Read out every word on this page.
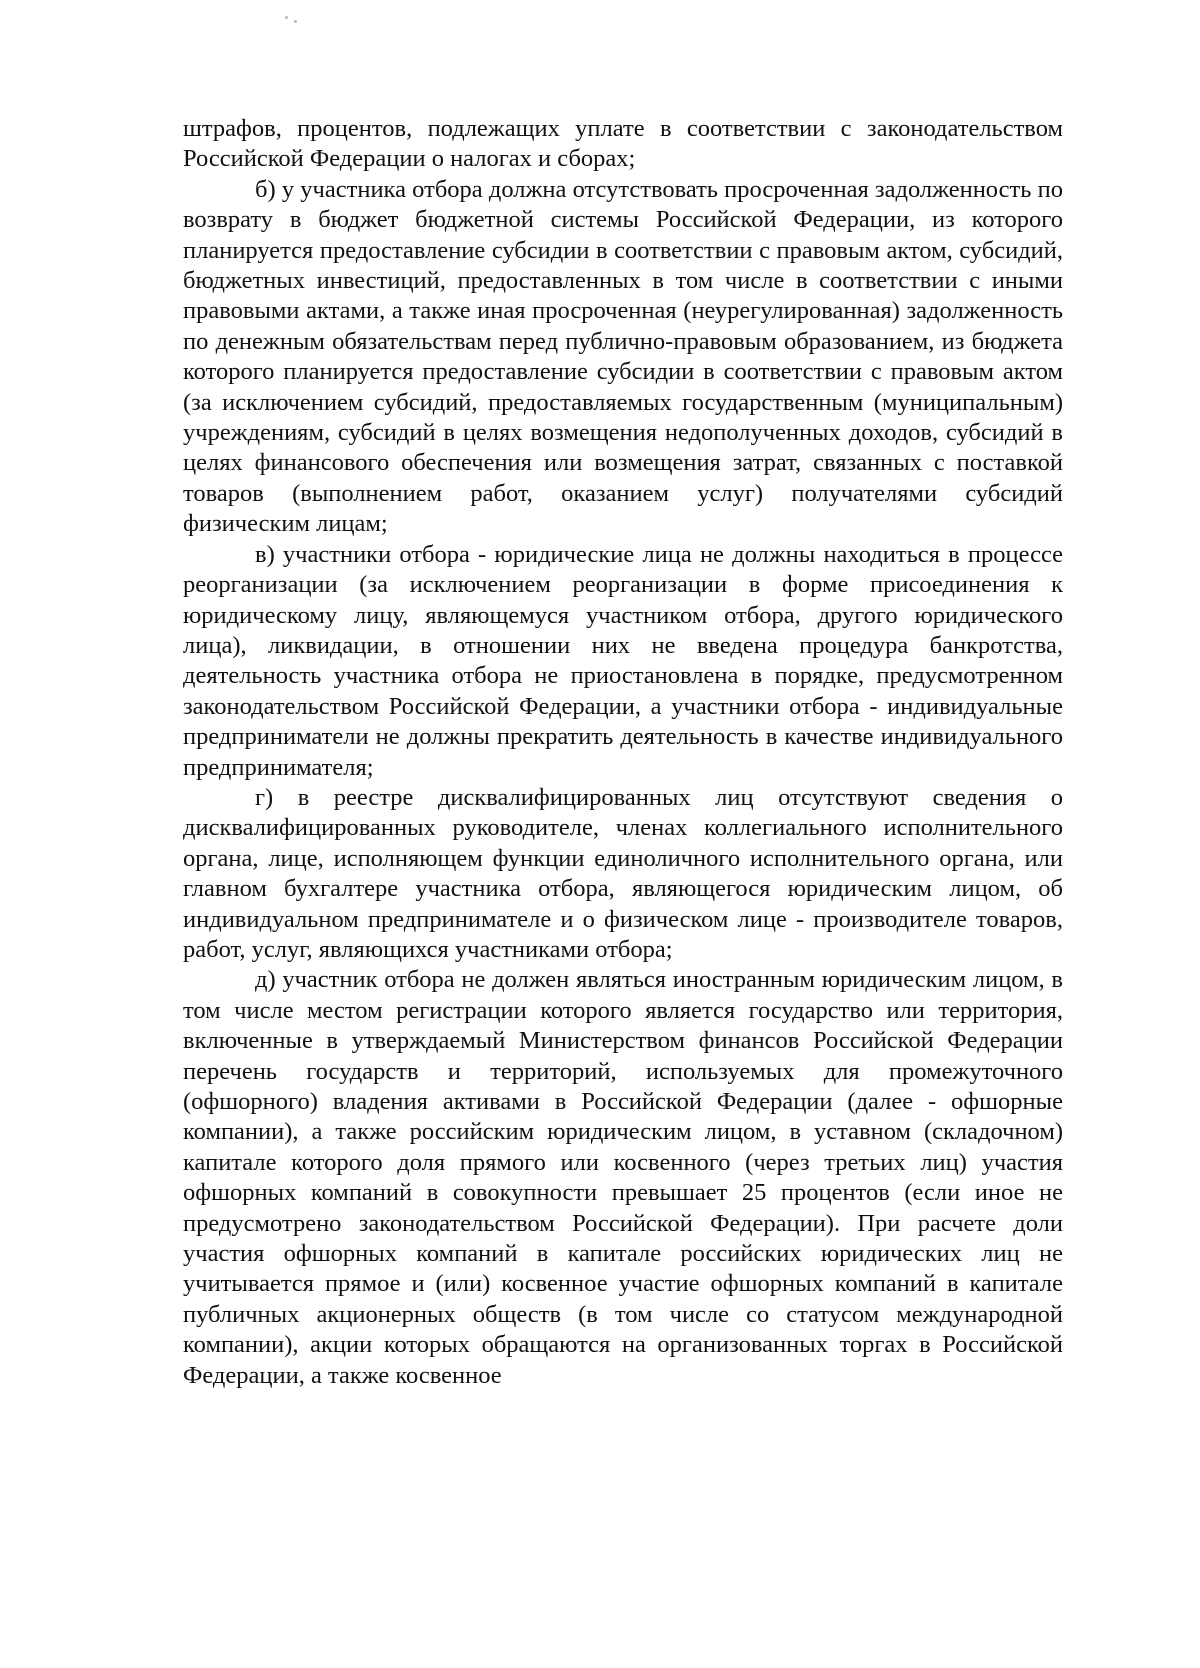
штрафов, процентов, подлежащих уплате в соответствии с законодательством Российской Федерации о налогах и сборах;

б) у участника отбора должна отсутствовать просроченная задолженность по возврату в бюджет бюджетной системы Российской Федерации, из которого планируется предоставление субсидии в соответствии с правовым актом, субсидий, бюджетных инвестиций, предоставленных в том числе в соответствии с иными правовыми актами, а также иная просроченная (неурегулированная) задолженность по денежным обязательствам перед публично-правовым образованием, из бюджета которого планируется предоставление субсидии в соответствии с правовым актом (за исключением субсидий, предоставляемых государственным (муниципальным) учреждениям, субсидий в целях возмещения недополученных доходов, субсидий в целях финансового обеспечения или возмещения затрат, связанных с поставкой товаров (выполнением работ, оказанием услуг) получателями субсидий физическим лицам;

в) участники отбора - юридические лица не должны находиться в процессе реорганизации (за исключением реорганизации в форме присоединения к юридическому лицу, являющемуся участником отбора, другого юридического лица), ликвидации, в отношении них не введена процедура банкротства, деятельность участника отбора не приостановлена в порядке, предусмотренном законодательством Российской Федерации, а участники отбора - индивидуальные предприниматели не должны прекратить деятельность в качестве индивидуального предпринимателя;

г) в реестре дисквалифицированных лиц отсутствуют сведения о дисквалифицированных руководителе, членах коллегиального исполнительного органа, лице, исполняющем функции единоличного исполнительного органа, или главном бухгалтере участника отбора, являющегося юридическим лицом, об индивидуальном предпринимателе и о физическом лице - производителе товаров, работ, услуг, являющихся участниками отбора;

д) участник отбора не должен являться иностранным юридическим лицом, в том числе местом регистрации которого является государство или территория, включенные в утверждаемый Министерством финансов Российской Федерации перечень государств и территорий, используемых для промежуточного (офшорного) владения активами в Российской Федерации (далее - офшорные компании), а также российским юридическим лицом, в уставном (складочном) капитале которого доля прямого или косвенного (через третьих лиц) участия офшорных компаний в совокупности превышает 25 процентов (если иное не предусмотрено законодательством Российской Федерации). При расчете доли участия офшорных компаний в капитале российских юридических лиц не учитывается прямое и (или) косвенное участие офшорных компаний в капитале публичных акционерных обществ (в том числе со статусом международной компании), акции которых обращаются на организованных торгах в Российской Федерации, а также косвенное
